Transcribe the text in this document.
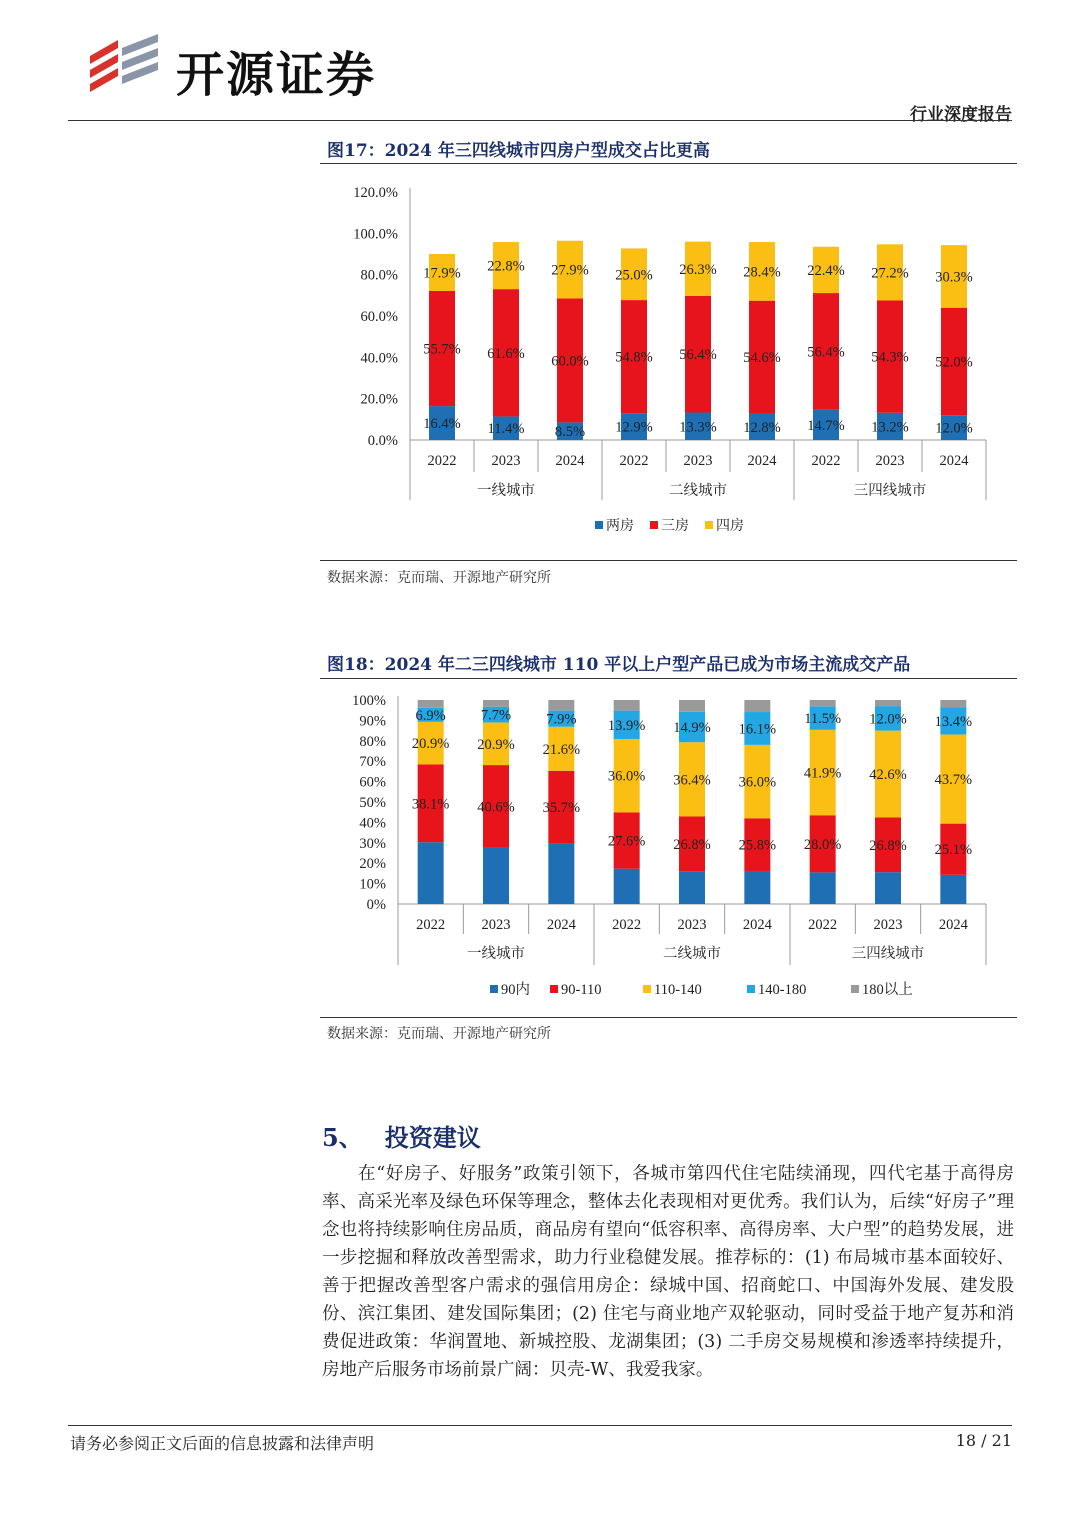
开源证券
行业深度报告
图17：2024 年三四线城市四房户型成交占比更高
0.0%
20.0%
40.0%
60.0%
80.0%
100.0%
120.0%
16.4%
55.7%
17.9%
2022
11.4%
61.6%
22.8%
2023
8.5%
60.0%
27.9%
2024
12.9%
54.8%
25.0%
2022
13.3%
56.4%
26.3%
2023
12.8%
54.6%
28.4%
2024
14.7%
56.4%
22.4%
2022
13.2%
54.3%
27.2%
2023
12.0%
52.0%
30.3%
2024
一线城市	二线城市	三四线城市
两房 三房 四房
数据来源：克而瑞、开源地产研究所
图18：2024 年二三四线城市 110 平以上户型产品已成为市场主流成交产品
0%
10%
20%
30%
40%
50%
60%
70%
80%
90%
100%
38.1%
20.9%
6.9%
2022
40.6%
20.9%
7.7%
2023
35.7%
21.6%
7.9%
2024
27.6%
36.0%
13.9%
2022
26.8%
36.4%
14.9%
2023
25.8%
36.0%
16.1%
2024
28.0%
41.9%
11.5%
2022
26.8%
42.6%
12.0%
2023
25.1%
43.7%
13.4%
2024
一线城市	二线城市	三四线城市
90内 90-110	110-140	140-180	180以上
数据来源：克而瑞、开源地产研究所
5、 投资建议
在“好房子、好服务”政策引领下，各城市第四代住宅陆续涌现，四代宅基于高得房率、高采光率及绿色环保等理念，整体去化表现相对更优秀。我们认为，后续“好房子”理念也将持续影响住房品质，商品房有望向“低容积率、高得房率、大户型”的趋势发展，进一步挖掘和释放改善型需求，助力行业稳健发展。推荐标的：(1) 布局城市基本面较好、善于把握改善型客户需求的强信用房企：绿城中国、招商蛇口、中国海外发展、建发股份、滨江集团、建发国际集团；(2) 住宅与商业地产双轮驱动，同时受益于地产复苏和消费促进政策：华润置地、新城控股、龙湖集团；(3) 二手房交易规模和渗透率持续提升，房地产后服务市场前景广阔：贝壳-W、我爱我家。
请务必参阅正文后面的信息披露和法律声明	18 / 21
